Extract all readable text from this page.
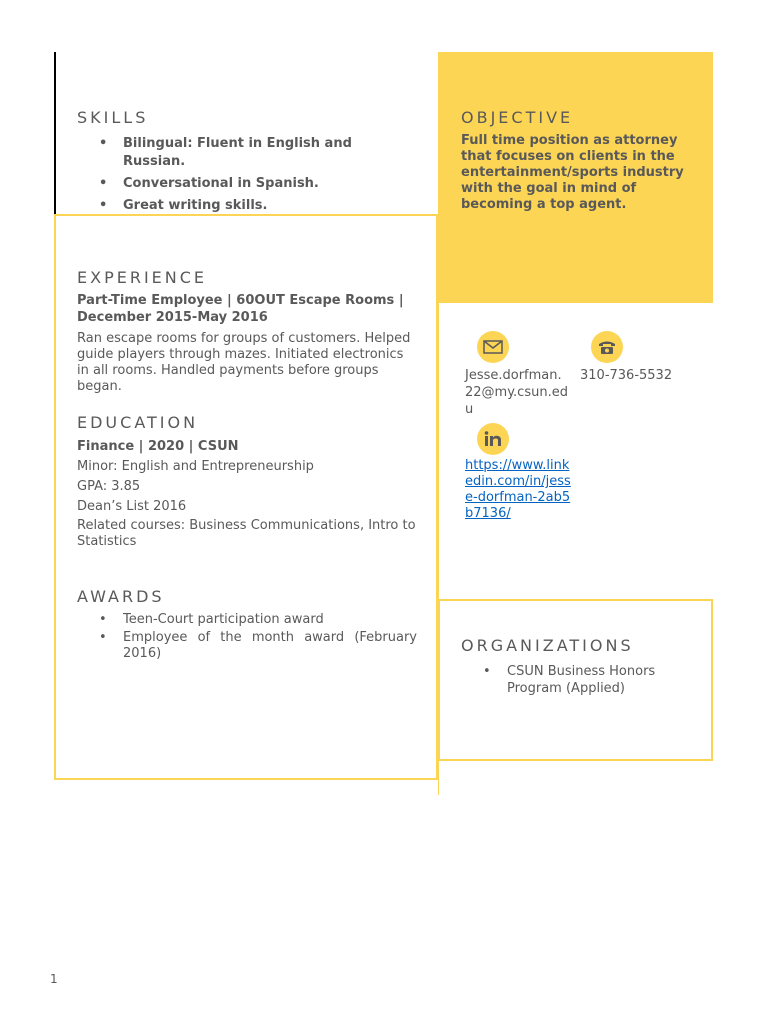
SKILLS
• Bilingual: Fluent in English and Russian.
• Conversational in Spanish.
• Great writing skills.
OBJECTIVE
Full time position as attorney that focuses on clients in the entertainment/sports industry with the goal in mind of becoming a top agent.
EXPERIENCE
Part-Time Employee | 60OUT Escape Rooms | December 2015-May 2016
Ran escape rooms for groups of customers. Helped guide players through mazes. Initiated electronics in all rooms. Handled payments before groups began.
EDUCATION
Finance | 2020 | CSUN
Minor: English and Entrepreneurship
GPA: 3.85
Dean’s List 2016
Related courses: Business Communications, Intro to Statistics
AWARDS
• Teen-Court participation award
• Employee of the month award (February 2016)
Jesse.dorfman.22@my.csun.edu
310-736-5532
https://www.linkedin.com/in/jesse-dorfman-2ab5b7136/
ORGANIZATIONS
• CSUN Business Honors Program (Applied)
1
